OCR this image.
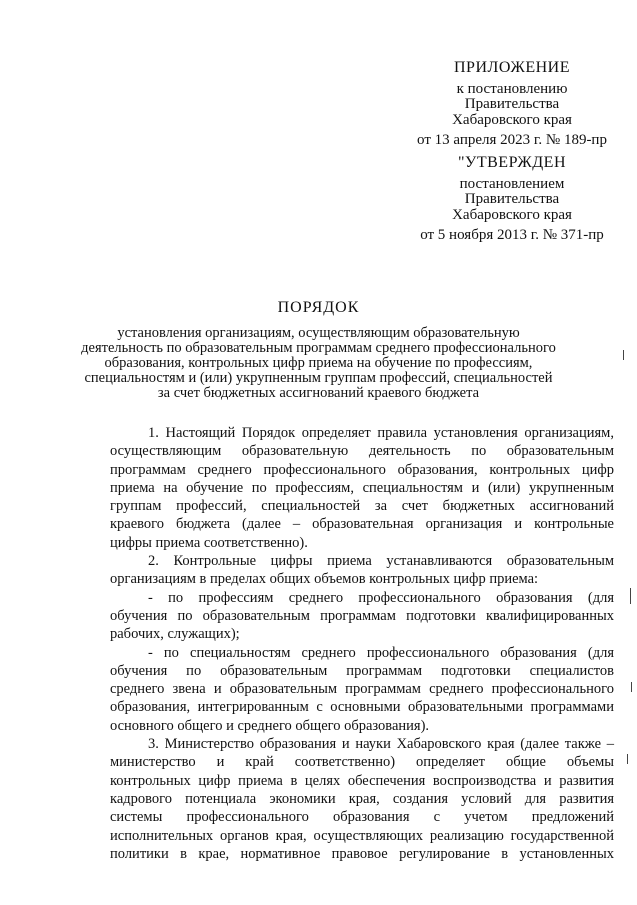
ПРИЛОЖЕНИЕ
к постановлению
Правительства
Хабаровского края
от 13 апреля 2023 г. № 189-пр
"УТВЕРЖДЕН
постановлением
Правительства
Хабаровского края
от 5 ноября 2013 г. № 371-пр
ПОРЯДОК
установления организациям, осуществляющим образовательную
деятельность по образовательным программам среднего профессионального
образования, контрольных цифр приема на обучение по профессиям,
специальностям и (или) укрупненным группам профессий, специальностей
за счет бюджетных ассигнований краевого бюджета
1. Настоящий Порядок определяет правила установления организациям,
осуществляющим образовательную деятельность по образовательным
программам среднего профессионального образования, контрольных цифр
приема на обучение по профессиям, специальностям и (или) укрупненным
группам профессий, специальностей за счет бюджетных ассигнований
краевого бюджета (далее – образовательная организация и контрольные
цифры приема соответственно).
2. Контрольные цифры приема устанавливаются образовательным
организациям в пределах общих объемов контрольных цифр приема:
- по профессиям среднего профессионального образования (для
обучения по образовательным программам подготовки квалифицированных
рабочих, служащих);
- по специальностям среднего профессионального образования (для
обучения по образовательным программам подготовки специалистов
среднего звена и образовательным программам среднего профессионального
образования, интегрированным с основными образовательными программами
основного общего и среднего общего образования).
3. Министерство образования и науки Хабаровского края (далее также –
министерство и край соответственно) определяет общие объемы
контрольных цифр приема в целях обеспечения воспроизводства и развития
кадрового потенциала экономики края, создания условий для развития
системы профессионального образования с учетом предложений
исполнительных органов края, осуществляющих реализацию государственной
политики в крае, нормативное правовое регулирование в установленных
